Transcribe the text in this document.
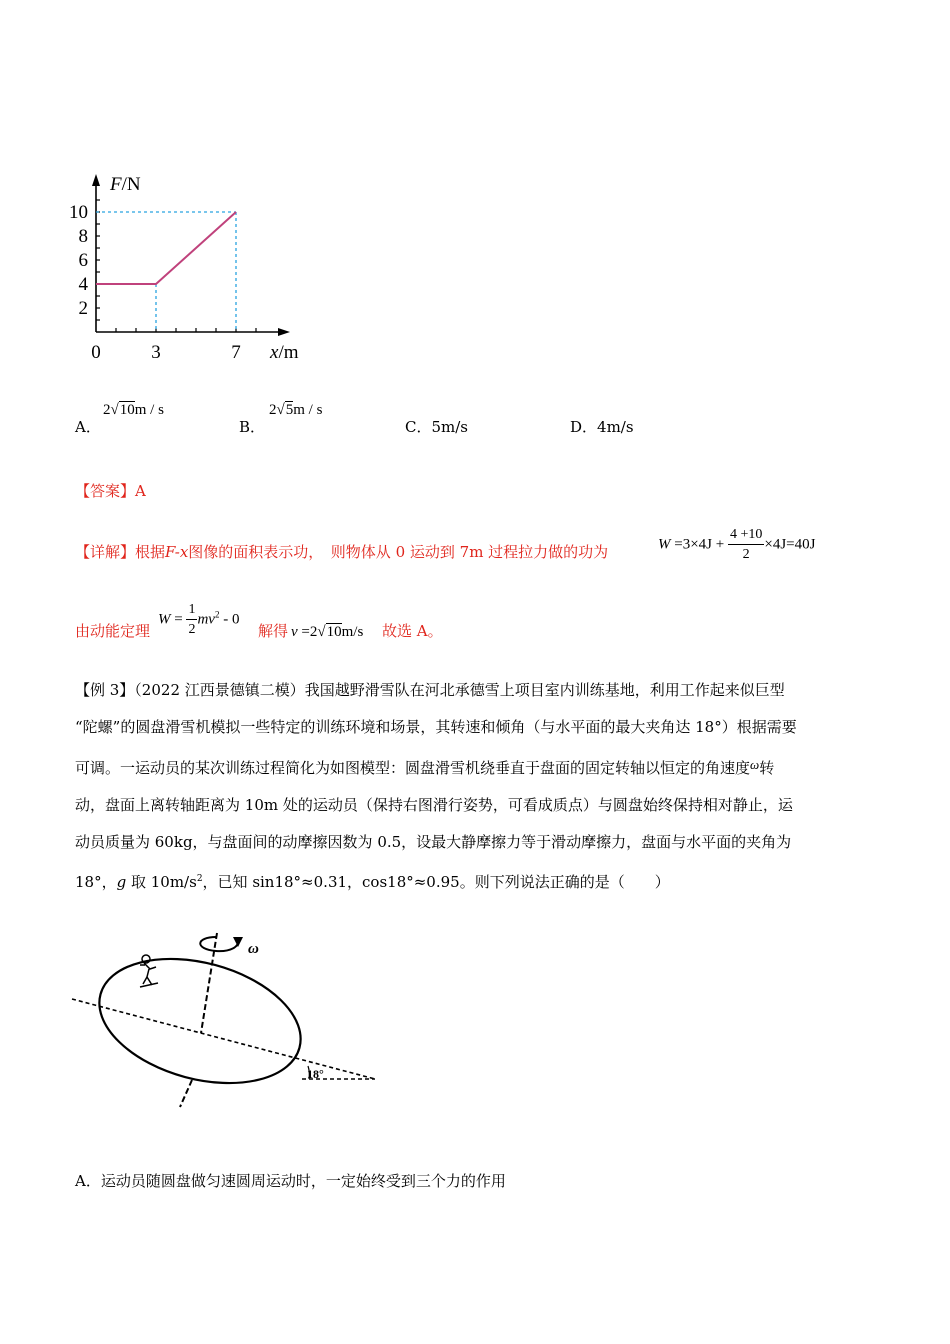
2
4
6
8
10
3	7
0
F/N
x/m
A．
2√10m / s
B．
2√5m / s
C．5m/s	D．4m/s
【答案】A
【详解】根据F-x图像的面积表示功，　则物体从 0 运动到 7m 过程拉力做的功为	$W =3\times 4J + \frac{4 +10}{2} \times 4J=40J$
由动能定理
$W = \frac{1}{2} mv^2 - 0$
解得 v =2√10m/s 故选 A。
【例 3】（2022 江西景德镇二模）我国越野滑雪队在河北承德雪上项目室内训练基地，利用工作起来似巨型
“陀螺”的圆盘滑雪机模拟一些特定的训练环境和场景，其转速和倾角（与水平面的最大夹角达 18°）根据需要
可调。一运动员的某次训练过程简化为如图模型：圆盘滑雪机绕垂直于盘面的固定转轴以恒定的角速度ω转
动，盘面上离转轴距离为 10m 处的运动员（保持右图滑行姿势，可看成质点）与圆盘始终保持相对静止，运
动员质量为 60kg，与盘面间的动摩擦因数为 0.5，设最大静摩擦力等于滑动摩擦力，盘面与水平面的夹角为
18°，g 取 $10m/s^2$，已知 sin18°≈0.31，cos18°≈0.95。则下列说法正确的是（　　）
ω
18°
A．运动员随圆盘做匀速圆周运动时，一定始终受到三个力的作用
